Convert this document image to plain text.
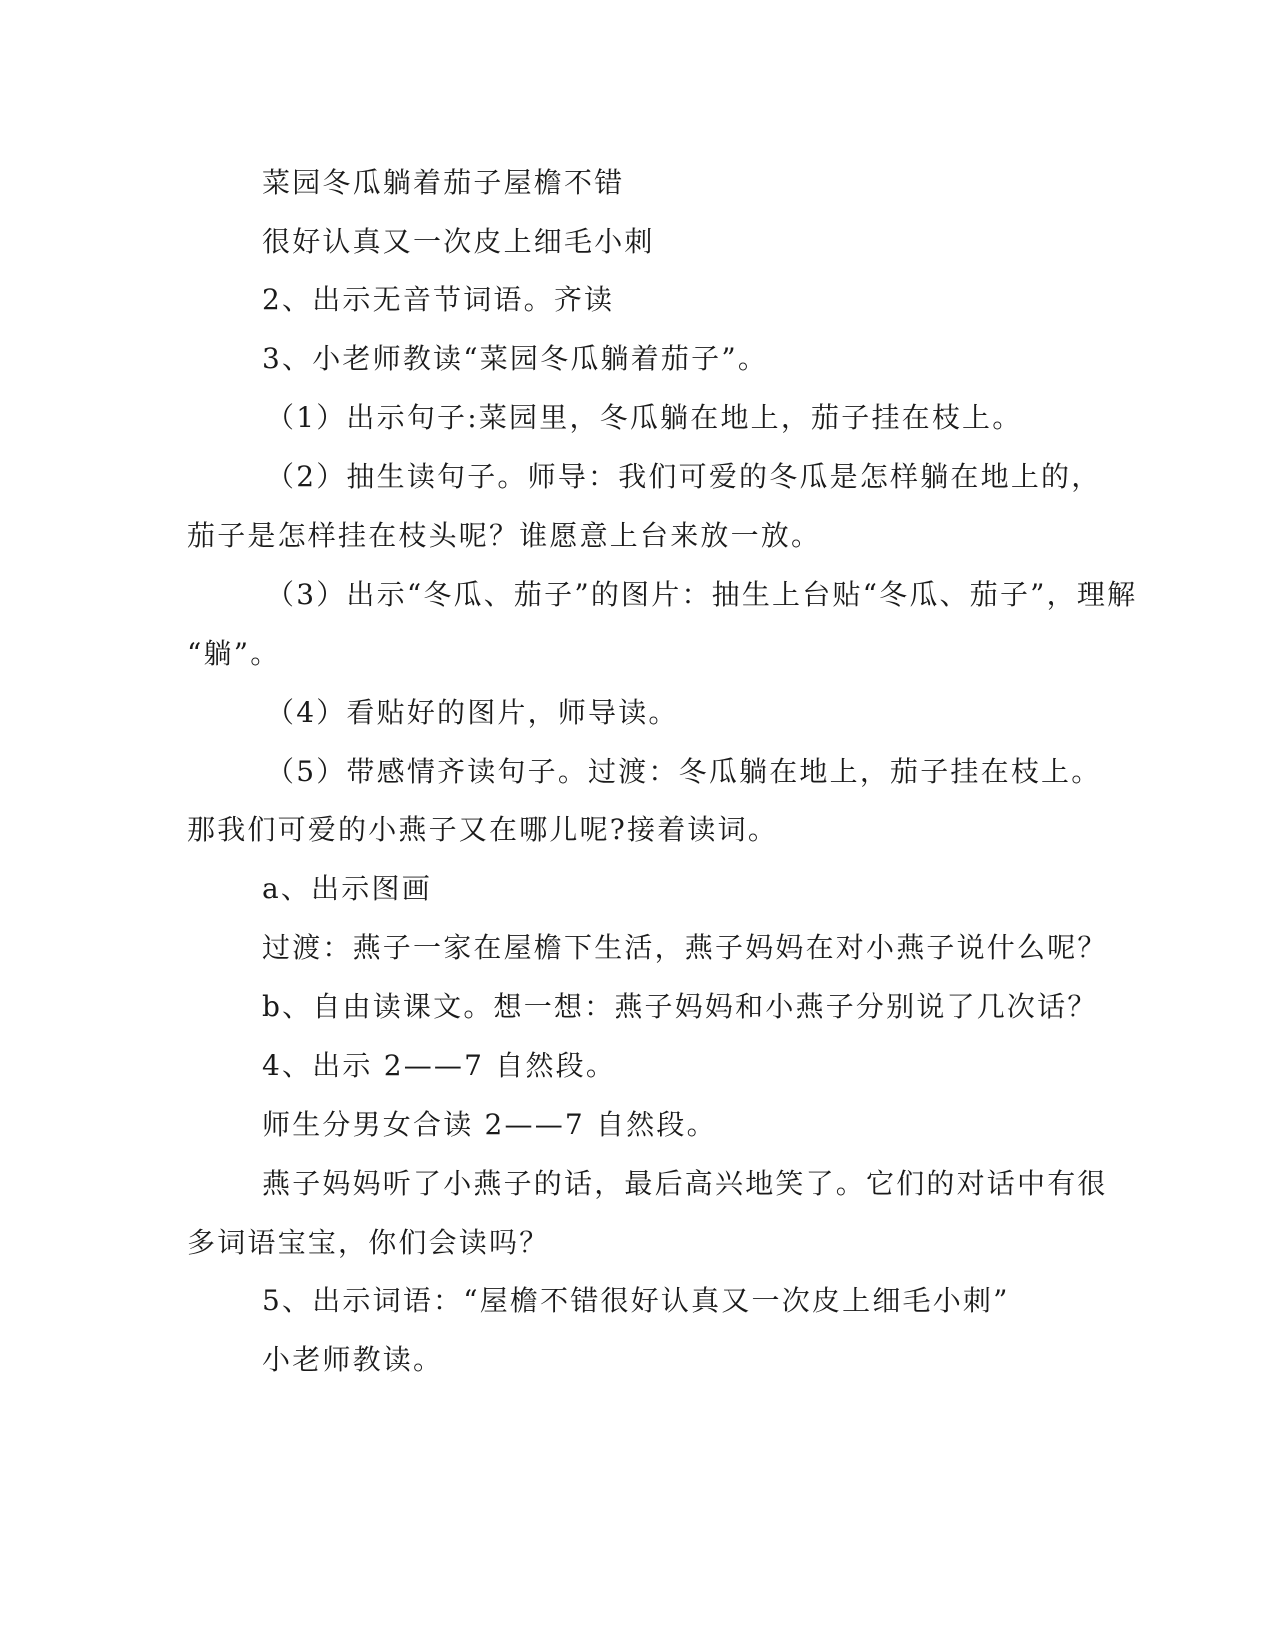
菜园冬瓜躺着茄子屋檐不错
很好认真又一次皮上细毛小刺
2、出示无音节词语。齐读
3、小老师教读“菜园冬瓜躺着茄子”。
（1）出示句子:菜园里，冬瓜躺在地上，茄子挂在枝上。
（2）抽生读句子。师导：我们可爱的冬瓜是怎样躺在地上的，
茄子是怎样挂在枝头呢？谁愿意上台来放一放。
（3）出示“冬瓜、茄子”的图片：抽生上台贴“冬瓜、茄子”，理解
“躺”。
（4）看贴好的图片，师导读。
（5）带感情齐读句子。过渡：冬瓜躺在地上，茄子挂在枝上。
那我们可爱的小燕子又在哪儿呢?接着读词。
a、出示图画
过渡：燕子一家在屋檐下生活，燕子妈妈在对小燕子说什么呢？
b、自由读课文。想一想：燕子妈妈和小燕子分别说了几次话？
4、出示 2——7 自然段。
师生分男女合读 2——7 自然段。
燕子妈妈听了小燕子的话，最后高兴地笑了。它们的对话中有很
多词语宝宝，你们会读吗？
5、出示词语：“屋檐不错很好认真又一次皮上细毛小刺”
小老师教读。
